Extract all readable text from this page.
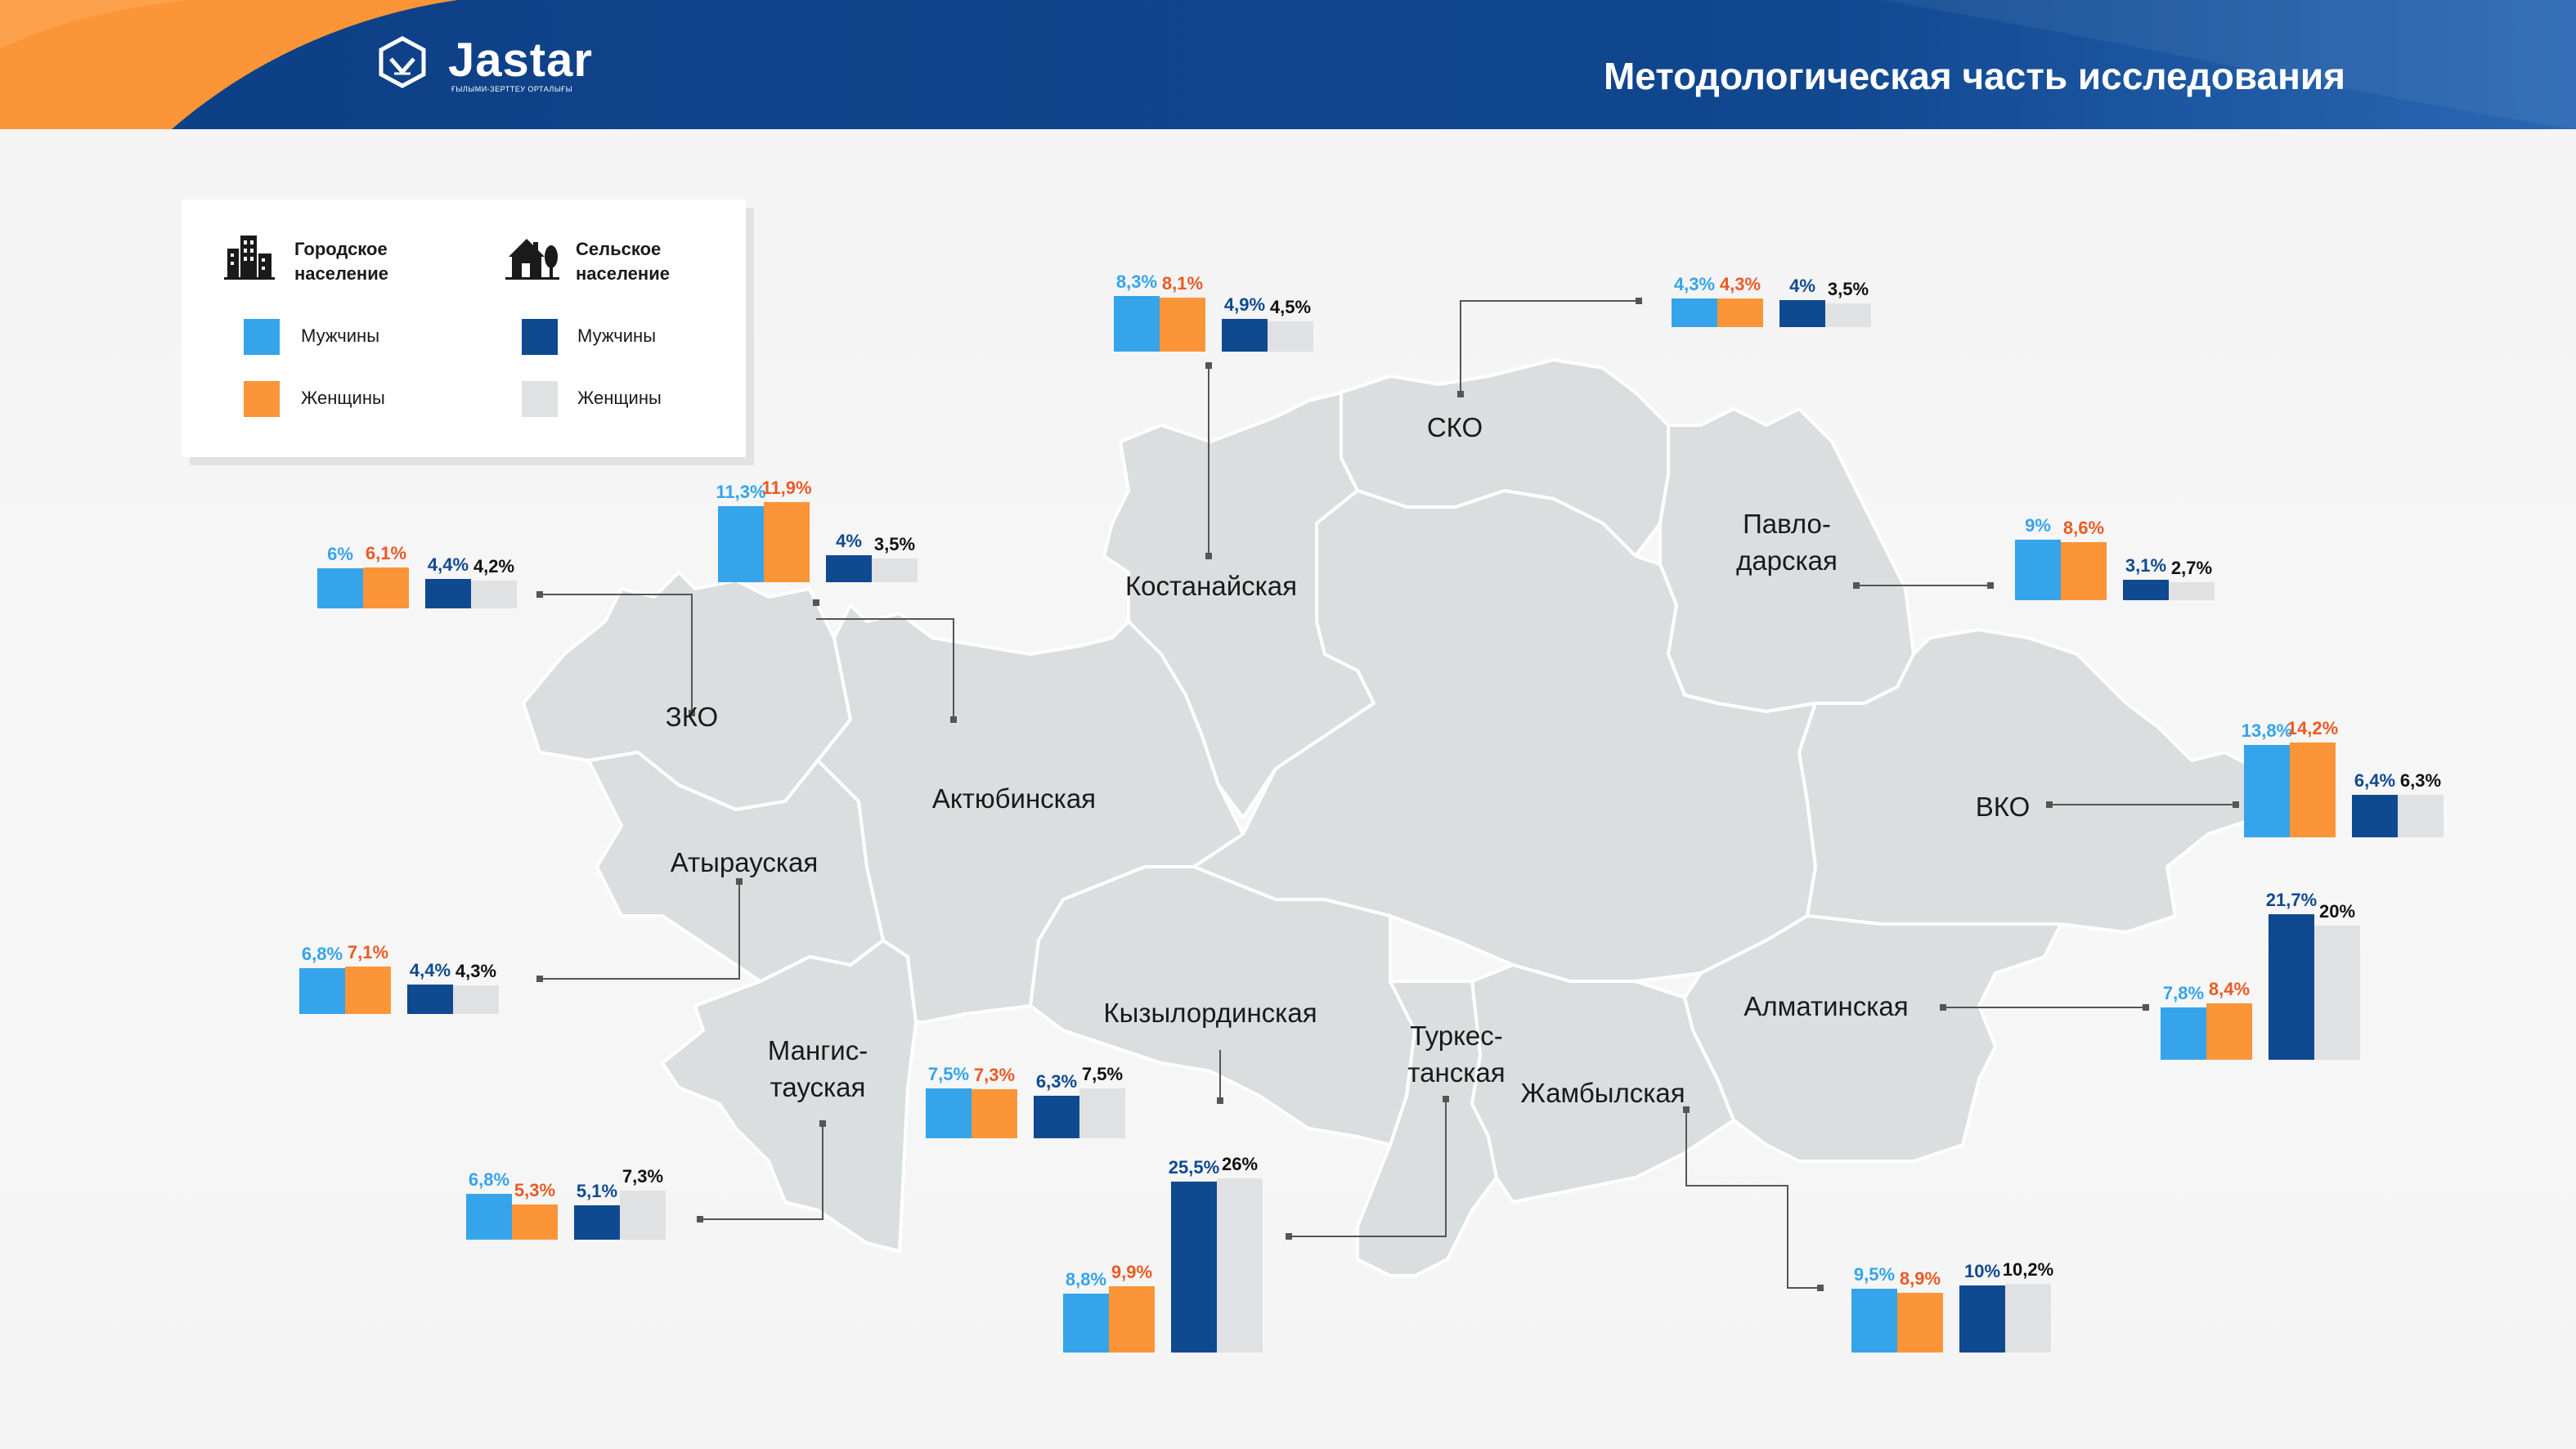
Jastar
ҒЫЛЫМИ-ЗЕРТТЕУ ОРТАЛЫҒЫ	Методологическая часть исследования
Городское
население
Сельское
население
Мужчины
Женщины
Мужчины
Женщины
Костанайская
СКО
Павло-
дарская
ЗКО
Актюбинская	ВКО
Атырауская
Алматинская
Кызылординская
Мангис-
тауская
Туркес-
танская
Жамбылская
8,3% 8,1%
4,9% 4,5%
4,3% 4,3%	4% 3,5%
9% 8,6%
3,1% 2,7%
6% 6,1%
4,4% 4,2%
11,3%
11,9%
4% 3,5%
13,8%
14,2%
6,4% 6,3%
6,8% 7,1%
4,4% 4,3%
7,8% 8,4%
21,7%
20%
7,5% 7,3%	6,3% 7,5%
6,8% 5,3%	5,1%
7,3%
8,8% 9,9%
25,5% 26%
9,5% 8,9%	10% 10,2%
